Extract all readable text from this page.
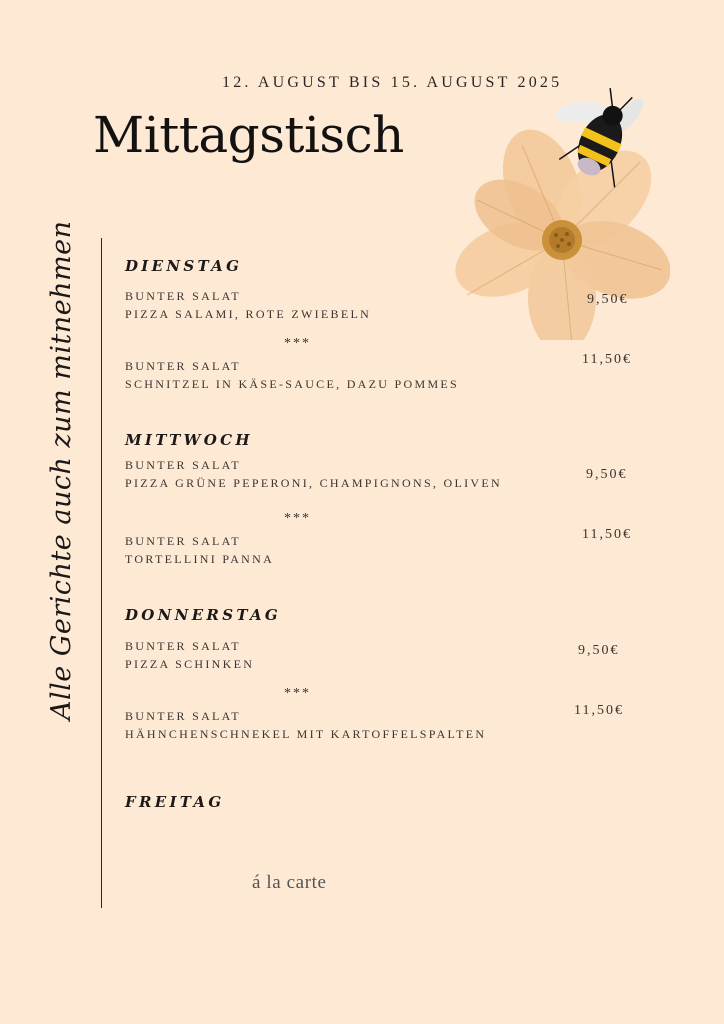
12. AUGUST BIS 15. AUGUST 2025
Mittagstisch
Alle Gerichte auch zum mitnehmen	DIENSTAG
BUNTER SALAT
PIZZA SALAMI, ROTE ZWIEBELN
9,50€
***
BUNTER SALAT
SCHNITZEL IN KÄSE-SAUCE, DAZU POMMES
11,50€
MITTWOCH
BUNTER SALAT
PIZZA GRÜNE PEPERONI, CHAMPIGNONS, OLIVEN
9,50€
***
BUNTER SALAT
TORTELLINI PANNA
11,50€
DONNERSTAG
BUNTER SALAT
PIZZA SCHINKEN
9,50€
***
BUNTER SALAT
HÄHNCHENSCHNEKEL MIT KARTOFFELSPALTEN
11,50€
FREITAG
á la carte
